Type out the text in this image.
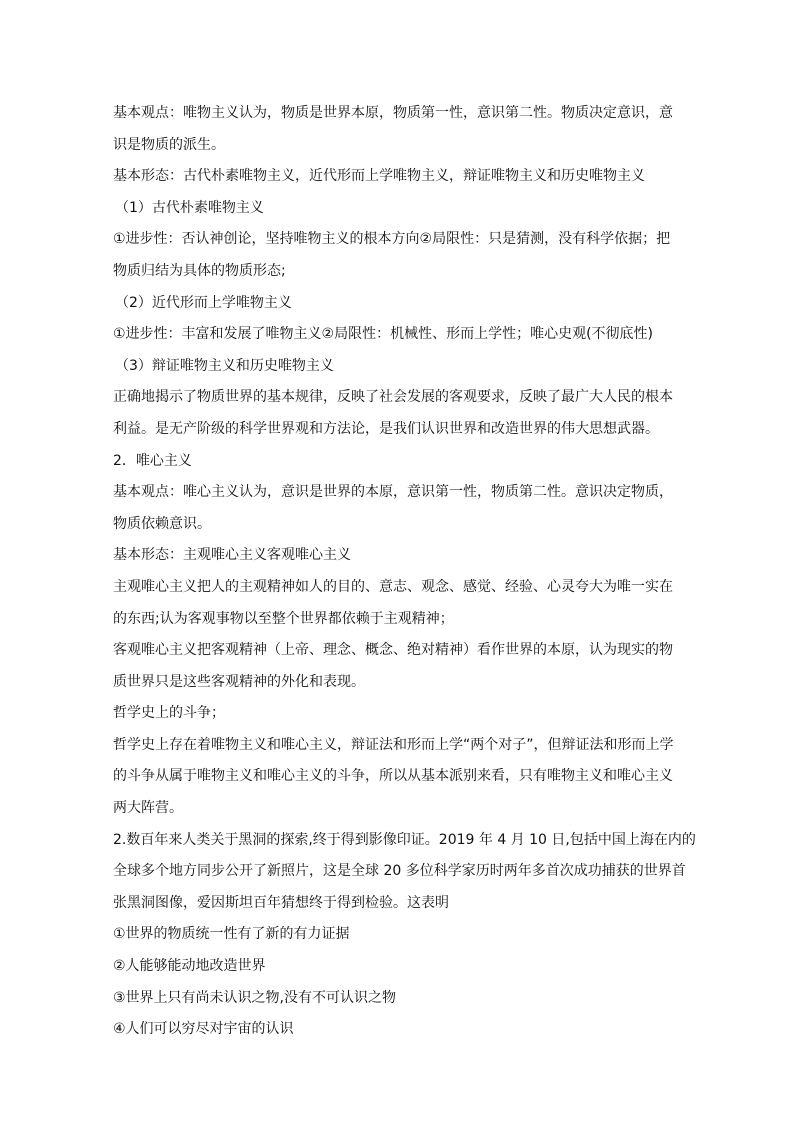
基本观点：唯物主义认为，物质是世界本原，物质第一性，意识第二性。物质决定意识，意
识是物质的派生。
基本形态：古代朴素唯物主义，近代形而上学唯物主义，辩证唯物主义和历史唯物主义
（1）古代朴素唯物主义
①进步性：否认神创论，坚持唯物主义的根本方向②局限性：只是猜测，没有科学依据；把
物质归结为具体的物质形态;
（2）近代形而上学唯物主义
①进步性：丰富和发展了唯物主义②局限性：机械性、形而上学性；唯心史观(不彻底性)
（3）辩证唯物主义和历史唯物主义
正确地揭示了物质世界的基本规律，反映了社会发展的客观要求，反映了最广大人民的根本
利益。是无产阶级的科学世界观和方法论，是我们认识世界和改造世界的伟大思想武器。
2．唯心主义
基本观点：唯心主义认为，意识是世界的本原，意识第一性，物质第二性。意识决定物质，
物质依赖意识。
基本形态：主观唯心主义客观唯心主义
主观唯心主义把人的主观精神如人的目的、意志、观念、感觉、经验、心灵夸大为唯一实在
的东西;认为客观事物以至整个世界都依赖于主观精神；
客观唯心主义把客观精神（上帝、理念、概念、绝对精神）看作世界的本原，认为现实的物
质世界只是这些客观精神的外化和表现。
哲学史上的斗争；
哲学史上存在着唯物主义和唯心主义，辩证法和形而上学“两个对子”，但辩证法和形而上学
的斗争从属于唯物主义和唯心主义的斗争，所以从基本派别来看，只有唯物主义和唯心主义
两大阵营。
2.数百年来人类关于黑洞的探索,终于得到影像印证。2019 年 4 月 10 日,包括中国上海在内的
全球多个地方同步公开了新照片，这是全球 20 多位科学家历时两年多首次成功捕获的世界首
张黑洞图像，爱因斯坦百年猜想终于得到检验。这表明
①世界的物质统一性有了新的有力证据
②人能够能动地改造世界
③世界上只有尚未认识之物,没有不可认识之物
④人们可以穷尽对宇宙的认识
